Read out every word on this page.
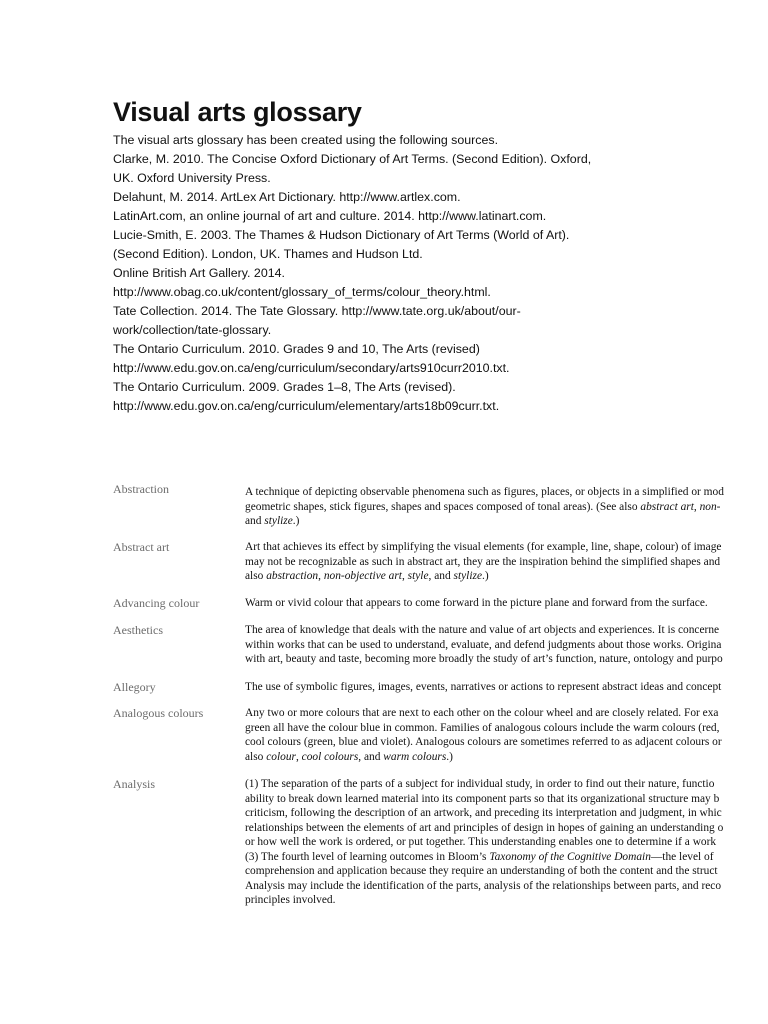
Visual arts glossary
The visual arts glossary has been created using the following sources.
Clarke, M. 2010. The Concise Oxford Dictionary of Art Terms. (Second Edition). Oxford,
UK. Oxford University Press.
Delahunt, M. 2014. ArtLex Art Dictionary. http://www.artlex.com.
LatinArt.com, an online journal of art and culture. 2014. http://www.latinart.com.
Lucie-Smith, E. 2003. The Thames & Hudson Dictionary of Art Terms (World of Art).
(Second Edition). London, UK. Thames and Hudson Ltd.
Online British Art Gallery. 2014.
http://www.obag.co.uk/content/glossary_of_terms/colour_theory.html.
Tate Collection. 2014. The Tate Glossary. http://www.tate.org.uk/about/our-
work/collection/tate-glossary.
The Ontario Curriculum. 2010. Grades 9 and 10, The Arts (revised)
http://www.edu.gov.on.ca/eng/curriculum/secondary/arts910curr2010.txt.
The Ontario Curriculum. 2009. Grades 1–8, The Arts (revised).
http://www.edu.gov.on.ca/eng/curriculum/elementary/arts18b09curr.txt.
Abstraction	A technique of depicting observable phenomena such as figures, places, or objects in a simplified or mod
geometric shapes, stick figures, shapes and spaces composed of tonal areas). (See also abstract art, non-
and stylize.)
Abstract art	Art that achieves its effect by simplifying the visual elements (for example, line, shape, colour) of image
may not be recognizable as such in abstract art, they are the inspiration behind the simplified shapes and
also abstraction, non-objective art, style, and stylize.)
Advancing colour	Warm or vivid colour that appears to come forward in the picture plane and forward from the surface.
Aesthetics	The area of knowledge that deals with the nature and value of art objects and experiences. It is concerne
within works that can be used to understand, evaluate, and defend judgments about those works. Origina
with art, beauty and taste, becoming more broadly the study of art’s function, nature, ontology and purpo
Allegory	The use of symbolic figures, images, events, narratives or actions to represent abstract ideas and concept
Analogous colours	Any two or more colours that are next to each other on the colour wheel and are closely related. For exa
green all have the colour blue in common. Families of analogous colours include the warm colours (red,
cool colours (green, blue and violet). Analogous colours are sometimes referred to as adjacent colours or
also colour, cool colours, and warm colours.)
Analysis	(1) The separation of the parts of a subject for individual study, in order to find out their nature, functio
ability to break down learned material into its component parts so that its organizational structure may b
criticism, following the description of an artwork, and preceding its interpretation and judgment, in whic
relationships between the elements of art and principles of design in hopes of gaining an understanding o
or how well the work is ordered, or put together. This understanding enables one to determine if a work
(3) The fourth level of learning outcomes in Bloom’s Taxonomy of the Cognitive Domain—the level of
comprehension and application because they require an understanding of both the content and the struct
Analysis may include the identification of the parts, analysis of the relationships between parts, and reco
principles involved.
